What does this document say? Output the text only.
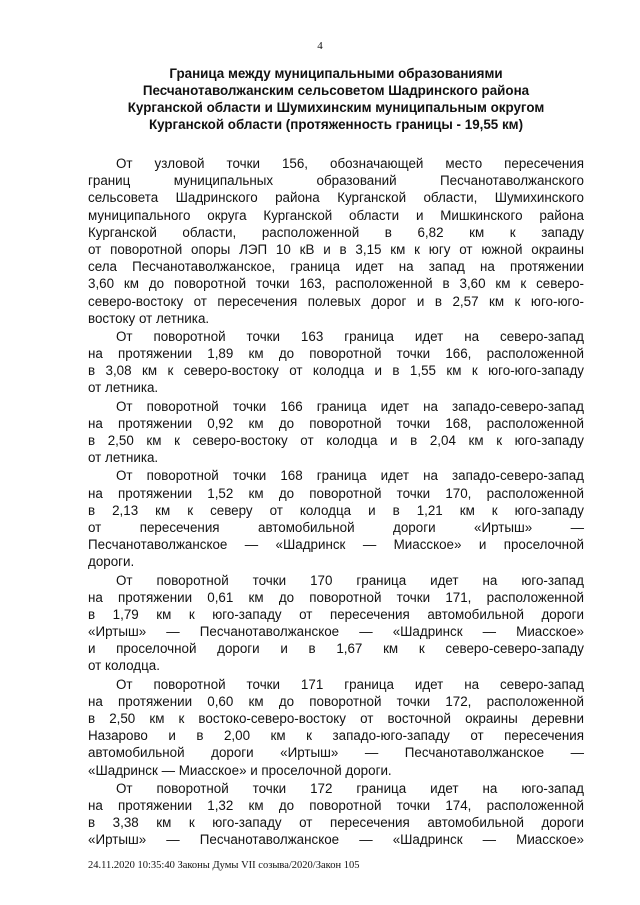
4
Граница между муниципальными образованиями
Песчанотаволжанским сельсоветом Шадринского района
Курганской области и Шумихинским муниципальным округом
Курганской области (протяженность границы - 19,55 км)
От узловой точки 156, обозначающей место пересечения
границ муниципальных образований Песчанотаволжанского
сельсовета Шадринского района Курганской области, Шумихинского
муниципального округа Курганской области и Мишкинского района
Курганской области, расположенной в 6,82 км к западу
от поворотной опоры ЛЭП 10 кВ и в 3,15 км к югу от южной окраины
села Песчанотаволжанское, граница идет на запад на протяжении
3,60 км до поворотной точки 163, расположенной в 3,60 км к северо-
северо-востоку от пересечения полевых дорог и в 2,57 км к юго-юго-
востоку от летника.
От поворотной точки 163 граница идет на северо-запад
на протяжении 1,89 км до поворотной точки 166, расположенной
в 3,08 км к северо-востоку от колодца и в 1,55 км к юго-юго-западу
от летника.
От поворотной точки 166 граница идет на западо-северо-запад
на протяжении 0,92 км до поворотной точки 168, расположенной
в 2,50 км к северо-востоку от колодца и в 2,04 км к юго-западу
от летника.
От поворотной точки 168 граница идет на западо-северо-запад
на протяжении 1,52 км до поворотной точки 170, расположенной
в 2,13 км к северу от колодца и в 1,21 км к юго-западу
от пересечения автомобильной дороги «Иртыш» —
Песчанотаволжанское — «Шадринск — Миасское» и проселочной
дороги.
От поворотной точки 170 граница идет на юго-запад
на протяжении 0,61 км до поворотной точки 171, расположенной
в 1,79 км к юго-западу от пересечения автомобильной дороги
«Иртыш» — Песчанотаволжанское — «Шадринск — Миасское»
и проселочной дороги и в 1,67 км к северо-северо-западу
от колодца.
От поворотной точки 171 граница идет на северо-запад
на протяжении 0,60 км до поворотной точки 172, расположенной
в 2,50 км к востоко-северо-востоку от восточной окраины деревни
Назарово и в 2,00 км к западо-юго-западу от пересечения
автомобильной дороги «Иртыш» — Песчанотаволжанское —
«Шадринск — Миасское» и проселочной дороги.
От поворотной точки 172 граница идет на юго-запад
на протяжении 1,32 км до поворотной точки 174, расположенной
в 3,38 км к юго-западу от пересечения автомобильной дороги
«Иртыш» — Песчанотаволжанское — «Шадринск — Миасское»
24.11.2020 10:35:40 Законы Думы VII созыва/2020/Закон 105
